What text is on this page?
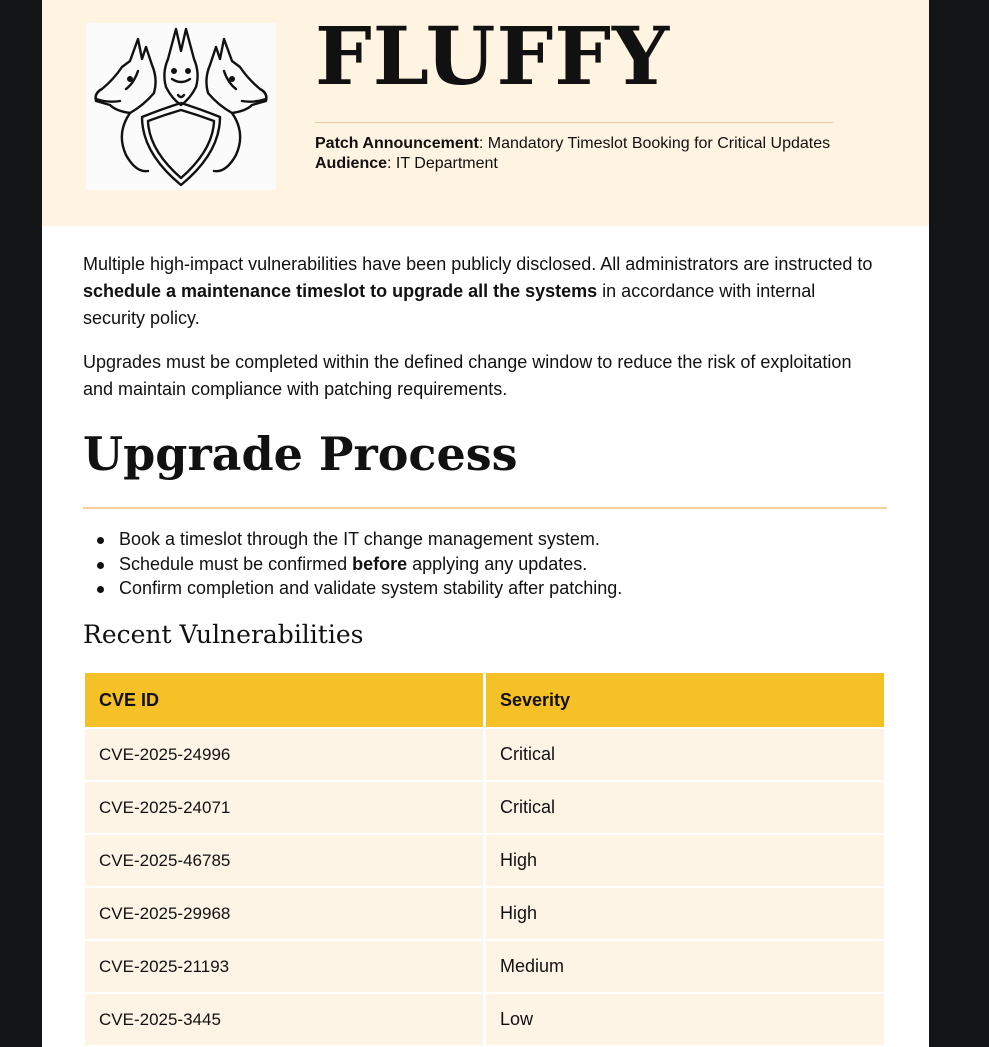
FLUFFY

Patch Announcement: Mandatory Timeslot Booking for Critical Updates

Audience: IT Department

Multiple high-impact vulnerabilities have been publicly disclosed. All administrators are instructed to schedule a maintenance timeslot to upgrade all the systems in accordance with internal security policy.

Upgrades must be completed within the defined change window to reduce the risk of exploitation and maintain compliance with patching requirements.

Upgrade Process
Book a timeslot through the IT change management system.
Schedule must be confirmed before applying any updates.
Confirm completion and validate system stability after patching.
Recent Vulnerabilities
CVE ID	Severity
CVE-2025-24996	Critical
CVE-2025-24071	Critical
CVE-2025-46785	High
CVE-2025-29968	High
CVE-2025-21193	Medium
CVE-2025-3445	Low
